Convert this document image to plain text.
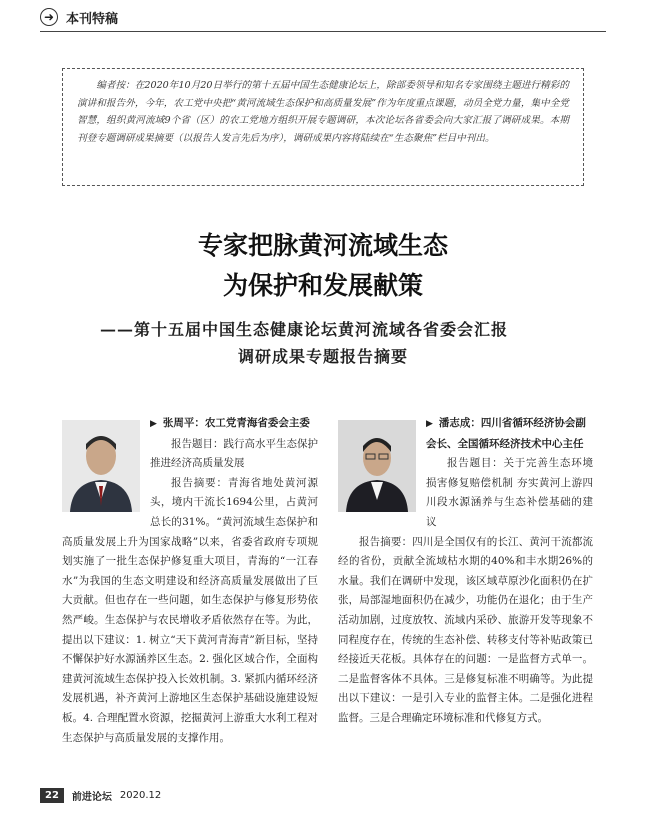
➜ 本刊特稿

编者按：在2020年10月20日举行的第十五届中国生态健康论坛上，除部委领导和知名专家围绕主题进行精彩的演讲和报告外，今年，农工党中央把“黄河流域生态保护和高质量发展”作为年度重点课题，动员全党力量，集中全党智慧，组织黄河流域9个省（区）的农工党地方组织开展专题调研，本次论坛各省委会向大家汇报了调研成果。本期刊登专题调研成果摘要（以报告人发言先后为序），调研成果内容将陆续在“生态聚焦”栏目中刊出。

专家把脉黄河流域生态
为保护和发展献策
——第十五届中国生态健康论坛黄河流域各省委会汇报
调研成果专题报告摘要
▶ 张周平：农工党青海省委会主委

报告题目：践行高水平生态保护 推进经济高质量发展

报告摘要：青海省地处黄河源头，境内干流长1694公里，占黄河总长的31%。“黄河流域生态保护和高质量发展上升为国家战略”以来，省委省政府专项规划实施了一批生态保护修复重大项目，青海的“一江春水”为我国的生态文明建设和经济高质量发展做出了巨大贡献。但也存在一些问题，如生态保护与修复形势依然严峻。生态保护与农民增收矛盾依然存在等。为此，提出以下建议：1. 树立“天下黄河青海青”新目标，坚持不懈保护好水源涵养区生态。2. 强化区域合作，全面构建黄河流域生态保护投入长效机制。3. 紧抓内循环经济发展机遇，补齐黄河上游地区生态保护基础设施建设短板。4. 合理配置水资源，挖掘黄河上游重大水利工程对生态保护与高质量发展的支撑作用。

▶ 潘志成：四川省循环经济协会副会长、全国循环经济技术中心主任

报告题目：关于完善生态环境损害修复赔偿机制 夯实黄河上游四川段水源涵养与生态补偿基础的建议

报告摘要：四川是全国仅有的长江、黄河干流都流经的省份，贡献全流域枯水期的40%和丰水期26%的水量。我们在调研中发现，该区域草原沙化面积仍在扩张，局部湿地面积仍在减少，功能仍在退化；由于生产活动加剧，过度放牧、流域内采砂、旅游开发等现象不同程度存在，传统的生态补偿、转移支付等补贴政策已经接近天花板。具体存在的问题：一是监督方式单一。二是监督客体不具体。三是修复标准不明确等。为此提出以下建议：一是引入专业的监督主体。二是强化进程监督。三是合理确定环境标准和代修复方式。

22	前进论坛 2020.12
